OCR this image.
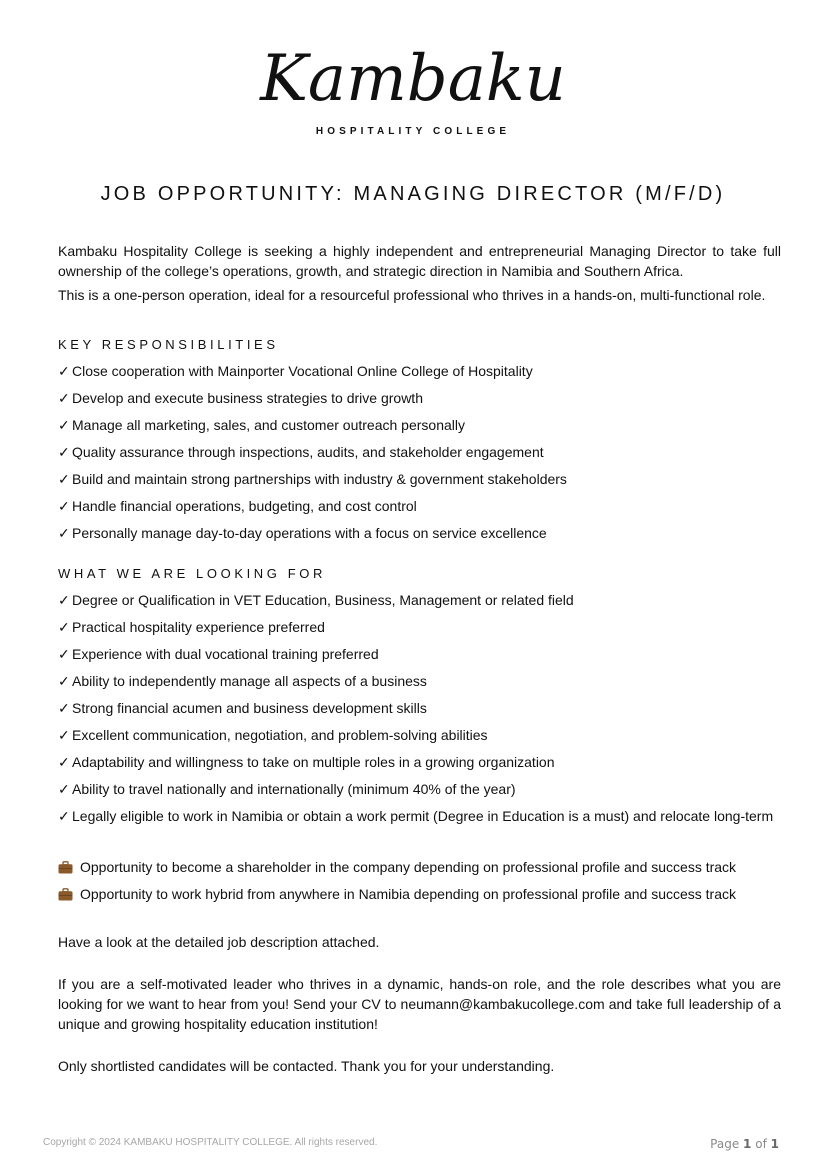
Kambaku
HOSPITALITY COLLEGE
JOB OPPORTUNITY: MANAGING DIRECTOR (M/F/D)

Kambaku Hospitality College is seeking a highly independent and entrepreneurial Managing Director to take full ownership of the college’s operations, growth, and strategic direction in Namibia and Southern Africa.

This is a one-person operation, ideal for a resourceful professional who thrives in a hands-on, multi-functional role.

KEY RESPONSIBILITIES
✓ Close cooperation with Mainporter Vocational Online College of Hospitality
✓ Develop and execute business strategies to drive growth
✓ Manage all marketing, sales, and customer outreach personally
✓ Quality assurance through inspections, audits, and stakeholder engagement
✓ Build and maintain strong partnerships with industry & government stakeholders
✓ Handle financial operations, budgeting, and cost control
✓ Personally manage day-to-day operations with a focus on service excellence
WHAT WE ARE LOOKING FOR
✓ Degree or Qualification in VET Education, Business, Management or related field
✓ Practical hospitality experience preferred
✓ Experience with dual vocational training preferred
✓ Ability to independently manage all aspects of a business
✓ Strong financial acumen and business development skills
✓ Excellent communication, negotiation, and problem-solving abilities
✓ Adaptability and willingness to take on multiple roles in a growing organization
✓ Ability to travel nationally and internationally (minimum 40% of the year)
✓ Legally eligible to work in Namibia or obtain a work permit (Degree in Education is a must) and relocate long-term
Opportunity to become a shareholder in the company depending on professional profile and success track
Opportunity to work hybrid from anywhere in Namibia depending on professional profile and success track

Have a look at the detailed job description attached.

If you are a self-motivated leader who thrives in a dynamic, hands-on role, and the role describes what you are looking for we want to hear from you! Send your CV to neumann@kambakucollege.com and take full leadership of a unique and growing hospitality education institution!

Only shortlisted candidates will be contacted. Thank you for your understanding.

Copyright © 2024 KAMBAKU HOSPITALITY COLLEGE. All rights reserved.	Page 1 of 1
